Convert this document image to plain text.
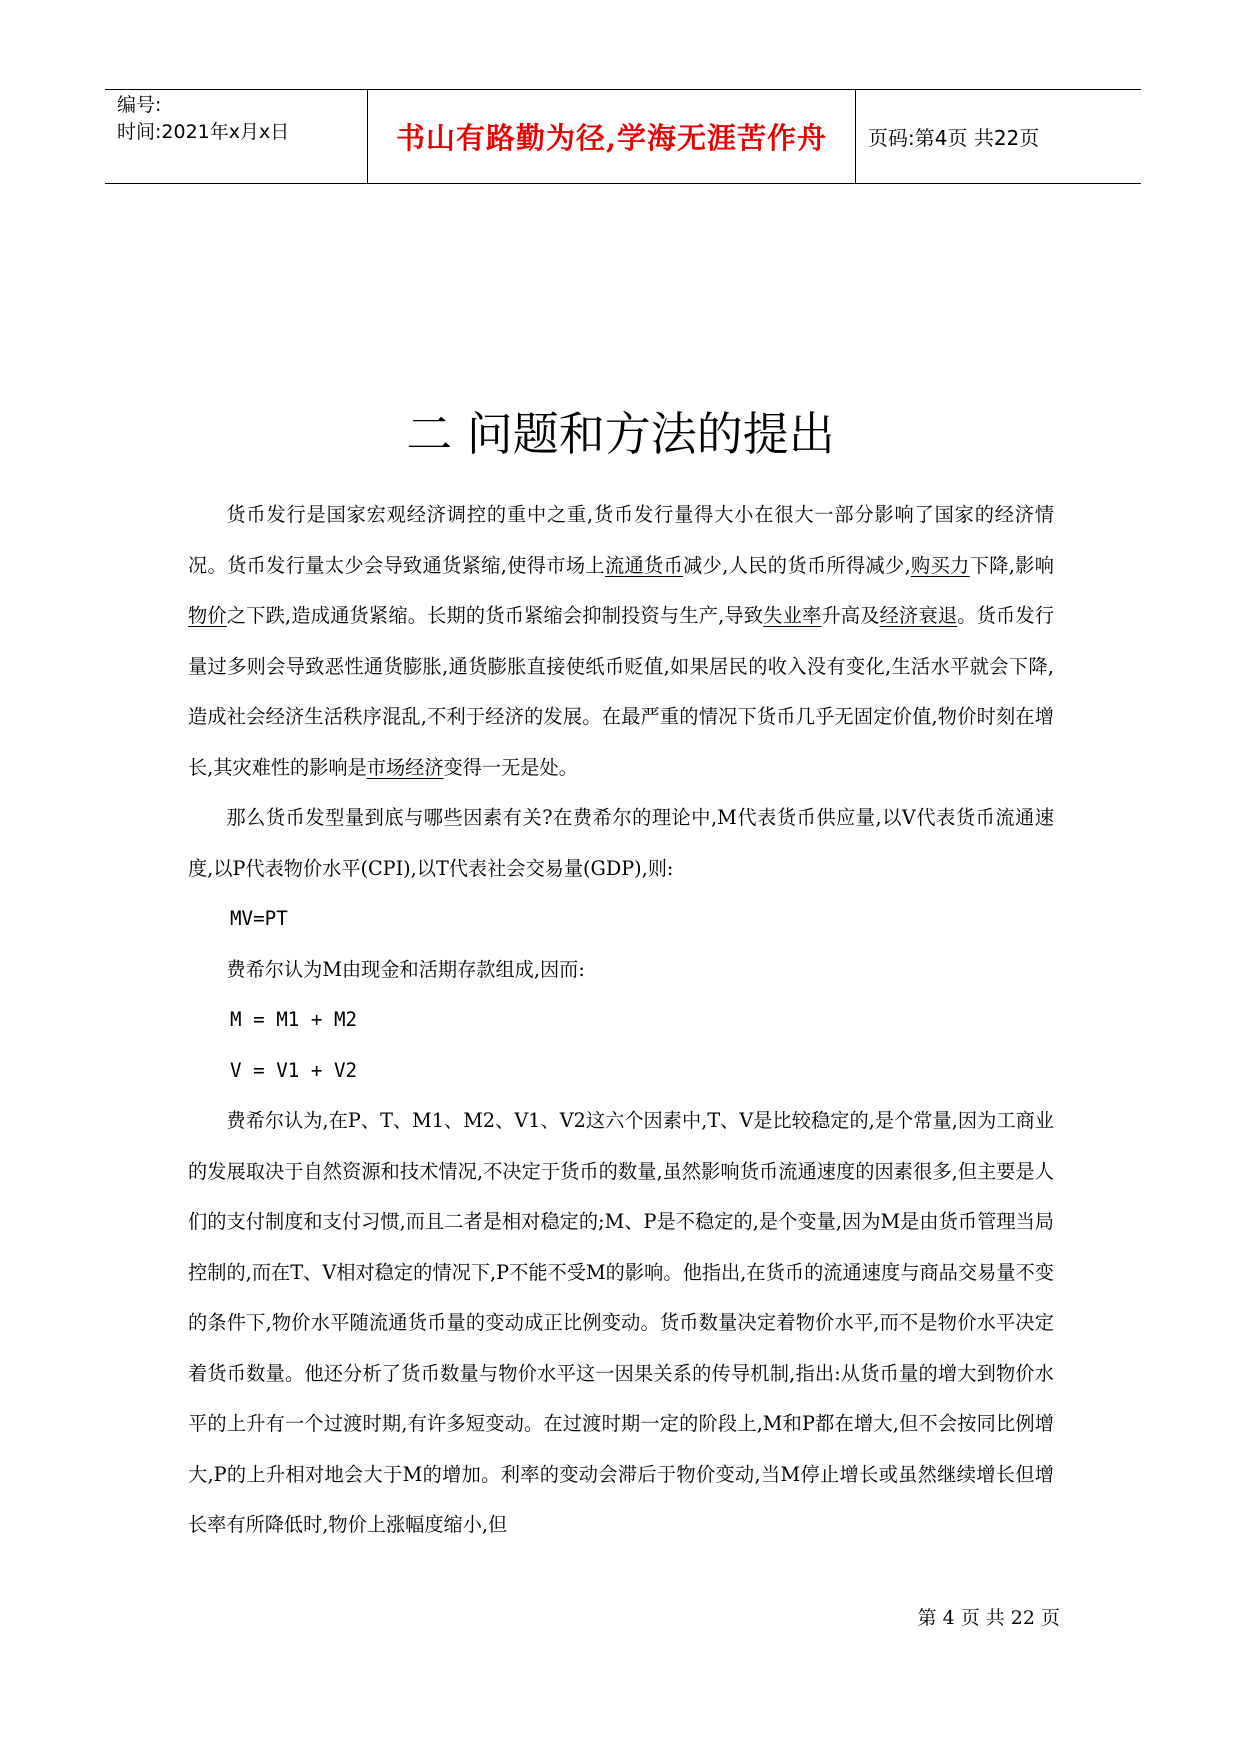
编号:
时间:2021年x月x日	书山有路勤为径,学海无涯苦作舟 页码:第4页 共22页
二 问题和方法的提出

货币发行是国家宏观经济调控的重中之重,货币发行量得大小在很大一部分影响了国家的经济情况。货币发行量太少会导致通货紧缩,使得市场上流通货币减少,人民的货币所得减少,购买力下降,影响物价之下跌,造成通货紧缩。长期的货币紧缩会抑制投资与生产,导致失业率升高及经济衰退。货币发行量过多则会导致恶性通货膨胀,通货膨胀直接使纸币贬值,如果居民的收入没有变化,生活水平就会下降,造成社会经济生活秩序混乱,不利于经济的发展。在最严重的情况下货币几乎无固定价值,物价时刻在增长,其灾难性的影响是市场经济变得一无是处。

那么货币发型量到底与哪些因素有关?在费希尔的理论中,M代表货币供应量,以V代表货币流通速度,以P代表物价水平(CPI),以T代表社会交易量(GDP),则:

MV=PT

费希尔认为M由现金和活期存款组成,因而:

M = M1 + M2

V = V1 + V2

费希尔认为,在P、T、M1、M2、V1、V2这六个因素中,T、V是比较稳定的,是个常量,因为工商业的发展取决于自然资源和技术情况,不决定于货币的数量,虽然影响货币流通速度的因素很多,但主要是人们的支付制度和支付习惯,而且二者是相对稳定的;M、P是不稳定的,是个变量,因为M是由货币管理当局控制的,而在T、V相对稳定的情况下,P不能不受M的影响。他指出,在货币的流通速度与商品交易量不变的条件下,物价水平随流通货币量的变动成正比例变动。货币数量决定着物价水平,而不是物价水平决定着货币数量。他还分析了货币数量与物价水平这一因果关系的传导机制,指出:从货币量的增大到物价水平的上升有一个过渡时期,有许多短变动。在过渡时期一定的阶段上,M和P都在增大,但不会按同比例增大,P的上升相对地会大于M的增加。利率的变动会滞后于物价变动,当M停止增长或虽然继续增长但增长率有所降低时,物价上涨幅度缩小,但

第 4 页 共 22 页
